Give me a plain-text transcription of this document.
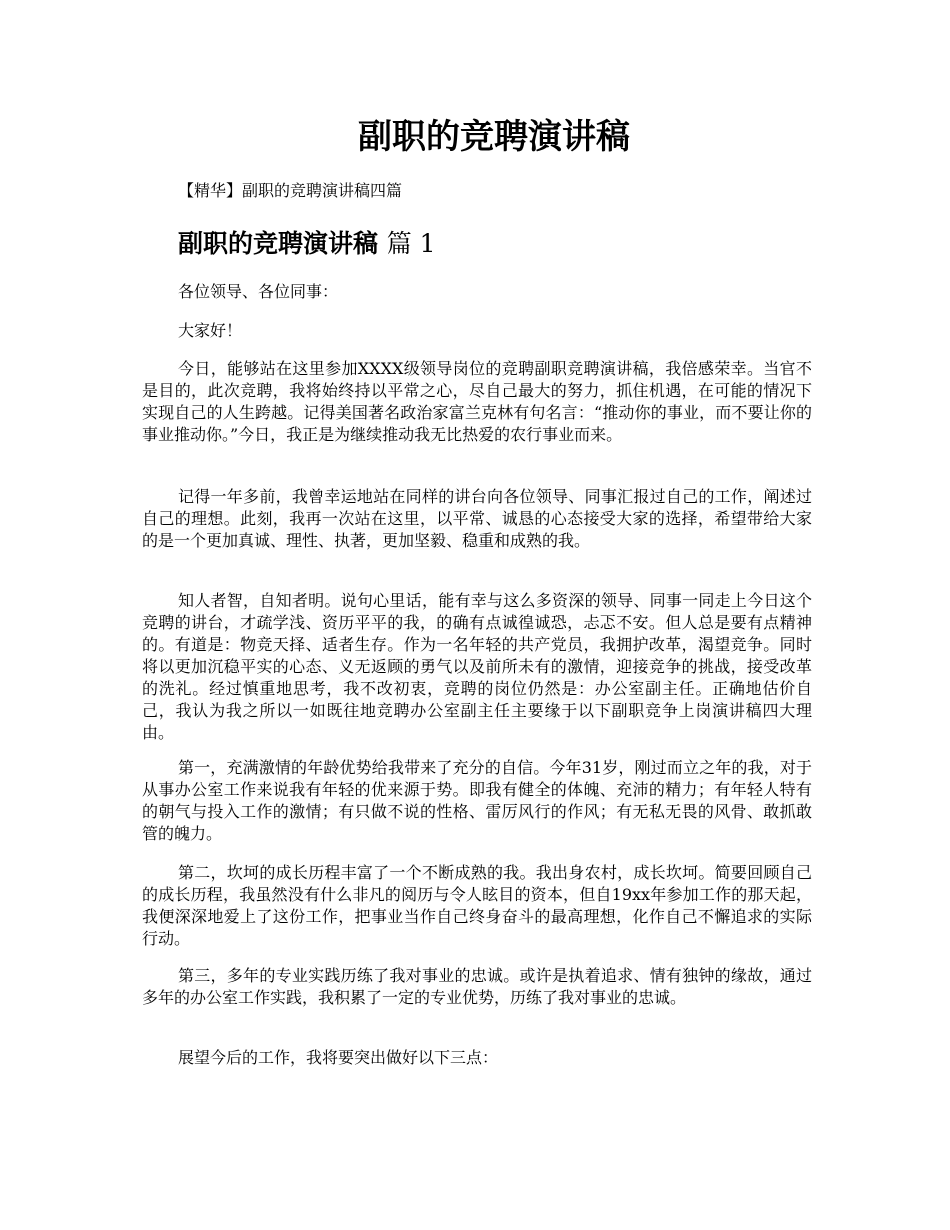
副职的竞聘演讲稿

【精华】副职的竞聘演讲稿四篇

副职的竞聘演讲稿 篇 1

各位领导、各位同事：

大家好！

今日，能够站在这里参加XXXX级领导岗位的竞聘副职竞聘演讲稿，我倍感荣幸。当官不是目的，此次竞聘，我将始终持以平常之心，尽自己最大的努力，抓住机遇，在可能的情况下实现自己的人生跨越。记得美国著名政治家富兰克林有句名言：“推动你的事业，而不要让你的事业推动你。”今日，我正是为继续推动我无比热爱的农行事业而来。

记得一年多前，我曾幸运地站在同样的讲台向各位领导、同事汇报过自己的工作，阐述过自己的理想。此刻，我再一次站在这里，以平常、诚恳的心态接受大家的选择，希望带给大家的是一个更加真诚、理性、执著，更加坚毅、稳重和成熟的我。

知人者智，自知者明。说句心里话，能有幸与这么多资深的领导、同事一同走上今日这个竞聘的讲台，才疏学浅、资历平平的我，的确有点诚徨诚恐，忐忑不安。但人总是要有点精神的。有道是：物竞天择、适者生存。作为一名年轻的共产党员，我拥护改革，渴望竞争。同时将以更加沉稳平实的心态、义无返顾的勇气以及前所未有的激情，迎接竞争的挑战，接受改革的洗礼。经过慎重地思考，我不改初衷，竞聘的岗位仍然是：办公室副主任。正确地估价自己，我认为我之所以一如既往地竞聘办公室副主任主要缘于以下副职竞争上岗演讲稿四大理由。

第一，充满激情的年龄优势给我带来了充分的自信。今年31岁，刚过而立之年的我，对于从事办公室工作来说我有年轻的优来源于势。即我有健全的体魄、充沛的精力；有年轻人特有的朝气与投入工作的激情；有只做不说的性格、雷厉风行的作风；有无私无畏的风骨、敢抓敢管的魄力。

第二，坎坷的成长历程丰富了一个不断成熟的我。我出身农村，成长坎坷。简要回顾自己的成长历程，我虽然没有什么非凡的阅历与令人眩目的资本，但自19xx年参加工作的那天起，我便深深地爱上了这份工作，把事业当作自己终身奋斗的最高理想，化作自己不懈追求的实际行动。

第三，多年的专业实践历练了我对事业的忠诚。或许是执着追求、情有独钟的缘故，通过多年的办公室工作实践，我积累了一定的专业优势，历练了我对事业的忠诚。

展望今后的工作，我将要突出做好以下三点：
